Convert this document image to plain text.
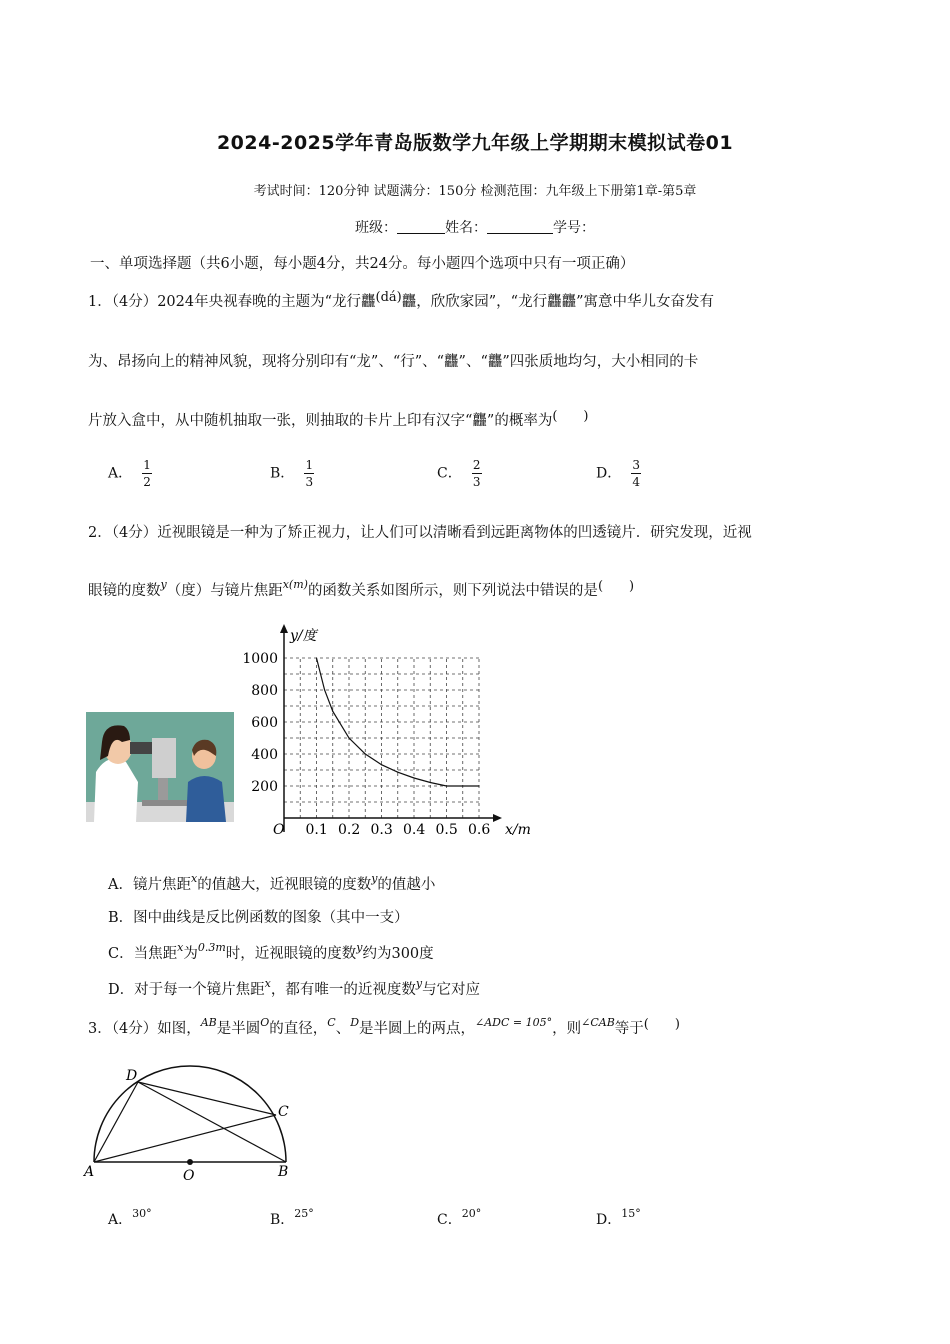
2024-2025学年青岛版数学九年级上学期期末模拟试卷01
考试时间：120分钟 试题满分：150分 检测范围：九年级上下册第1章-第5章
班级：	姓名：	学号：
一、单项选择题（共6小题，每小题4分，共24分。每小题四个选项中只有一项正确）
1．（4分）2024年央视春晚的主题为“龙行龘(dá)龘，欣欣家园”，“龙行龘龘”寓意中华儿女奋发有
为、昂扬向上的精神风貌，现将分别印有“龙”、“行”、“龘”、“龘”四张质地均匀，大小相同的卡
片放入盒中，从中随机抽取一张，则抽取的卡片上印有汉字“龘”的概率为(　　)
A． $\frac{1}{2}$	B． $\frac{1}{3}$	C． $\frac{2}{3}$	D． $\frac{3}{4}$
2．（4分）近视眼镜是一种为了矫正视力，让人们可以清晰看到远距离物体的凹透镜片．研究发现，近视
眼镜的度数$^y$（度）与镜片焦距$^{x(m)}$的函数关系如图所示，则下列说法中错误的是(　　)
y/度
x/m
O 0.1 0.2 0.3 0.4 0.5 0.6
200
400
600
800
1000
A．镜片焦距$^x$的值越大，近视眼镜的度数$^y$的值越小
B．图中曲线是反比例函数的图象（其中一支）
C．当焦距$^x$为$^{0.3m}$时，近视眼镜的度数$^y$约为300度
D．对于每一个镜片焦距$^x$，都有唯一的近视度数$^y$与它对应
3．（4分）如图，$^{AB}$是半圆$^O$的直径，$^C$、$^D$是半圆上的两点，$^{\angle ADC = 105^\circ}$，则$^{\angle CAB}$等于(　　)
A	B
C
D
O
A．$^{30^\circ}$	B．$^{25^\circ}$	C．$^{20^\circ}$	D．$^{15^\circ}$
